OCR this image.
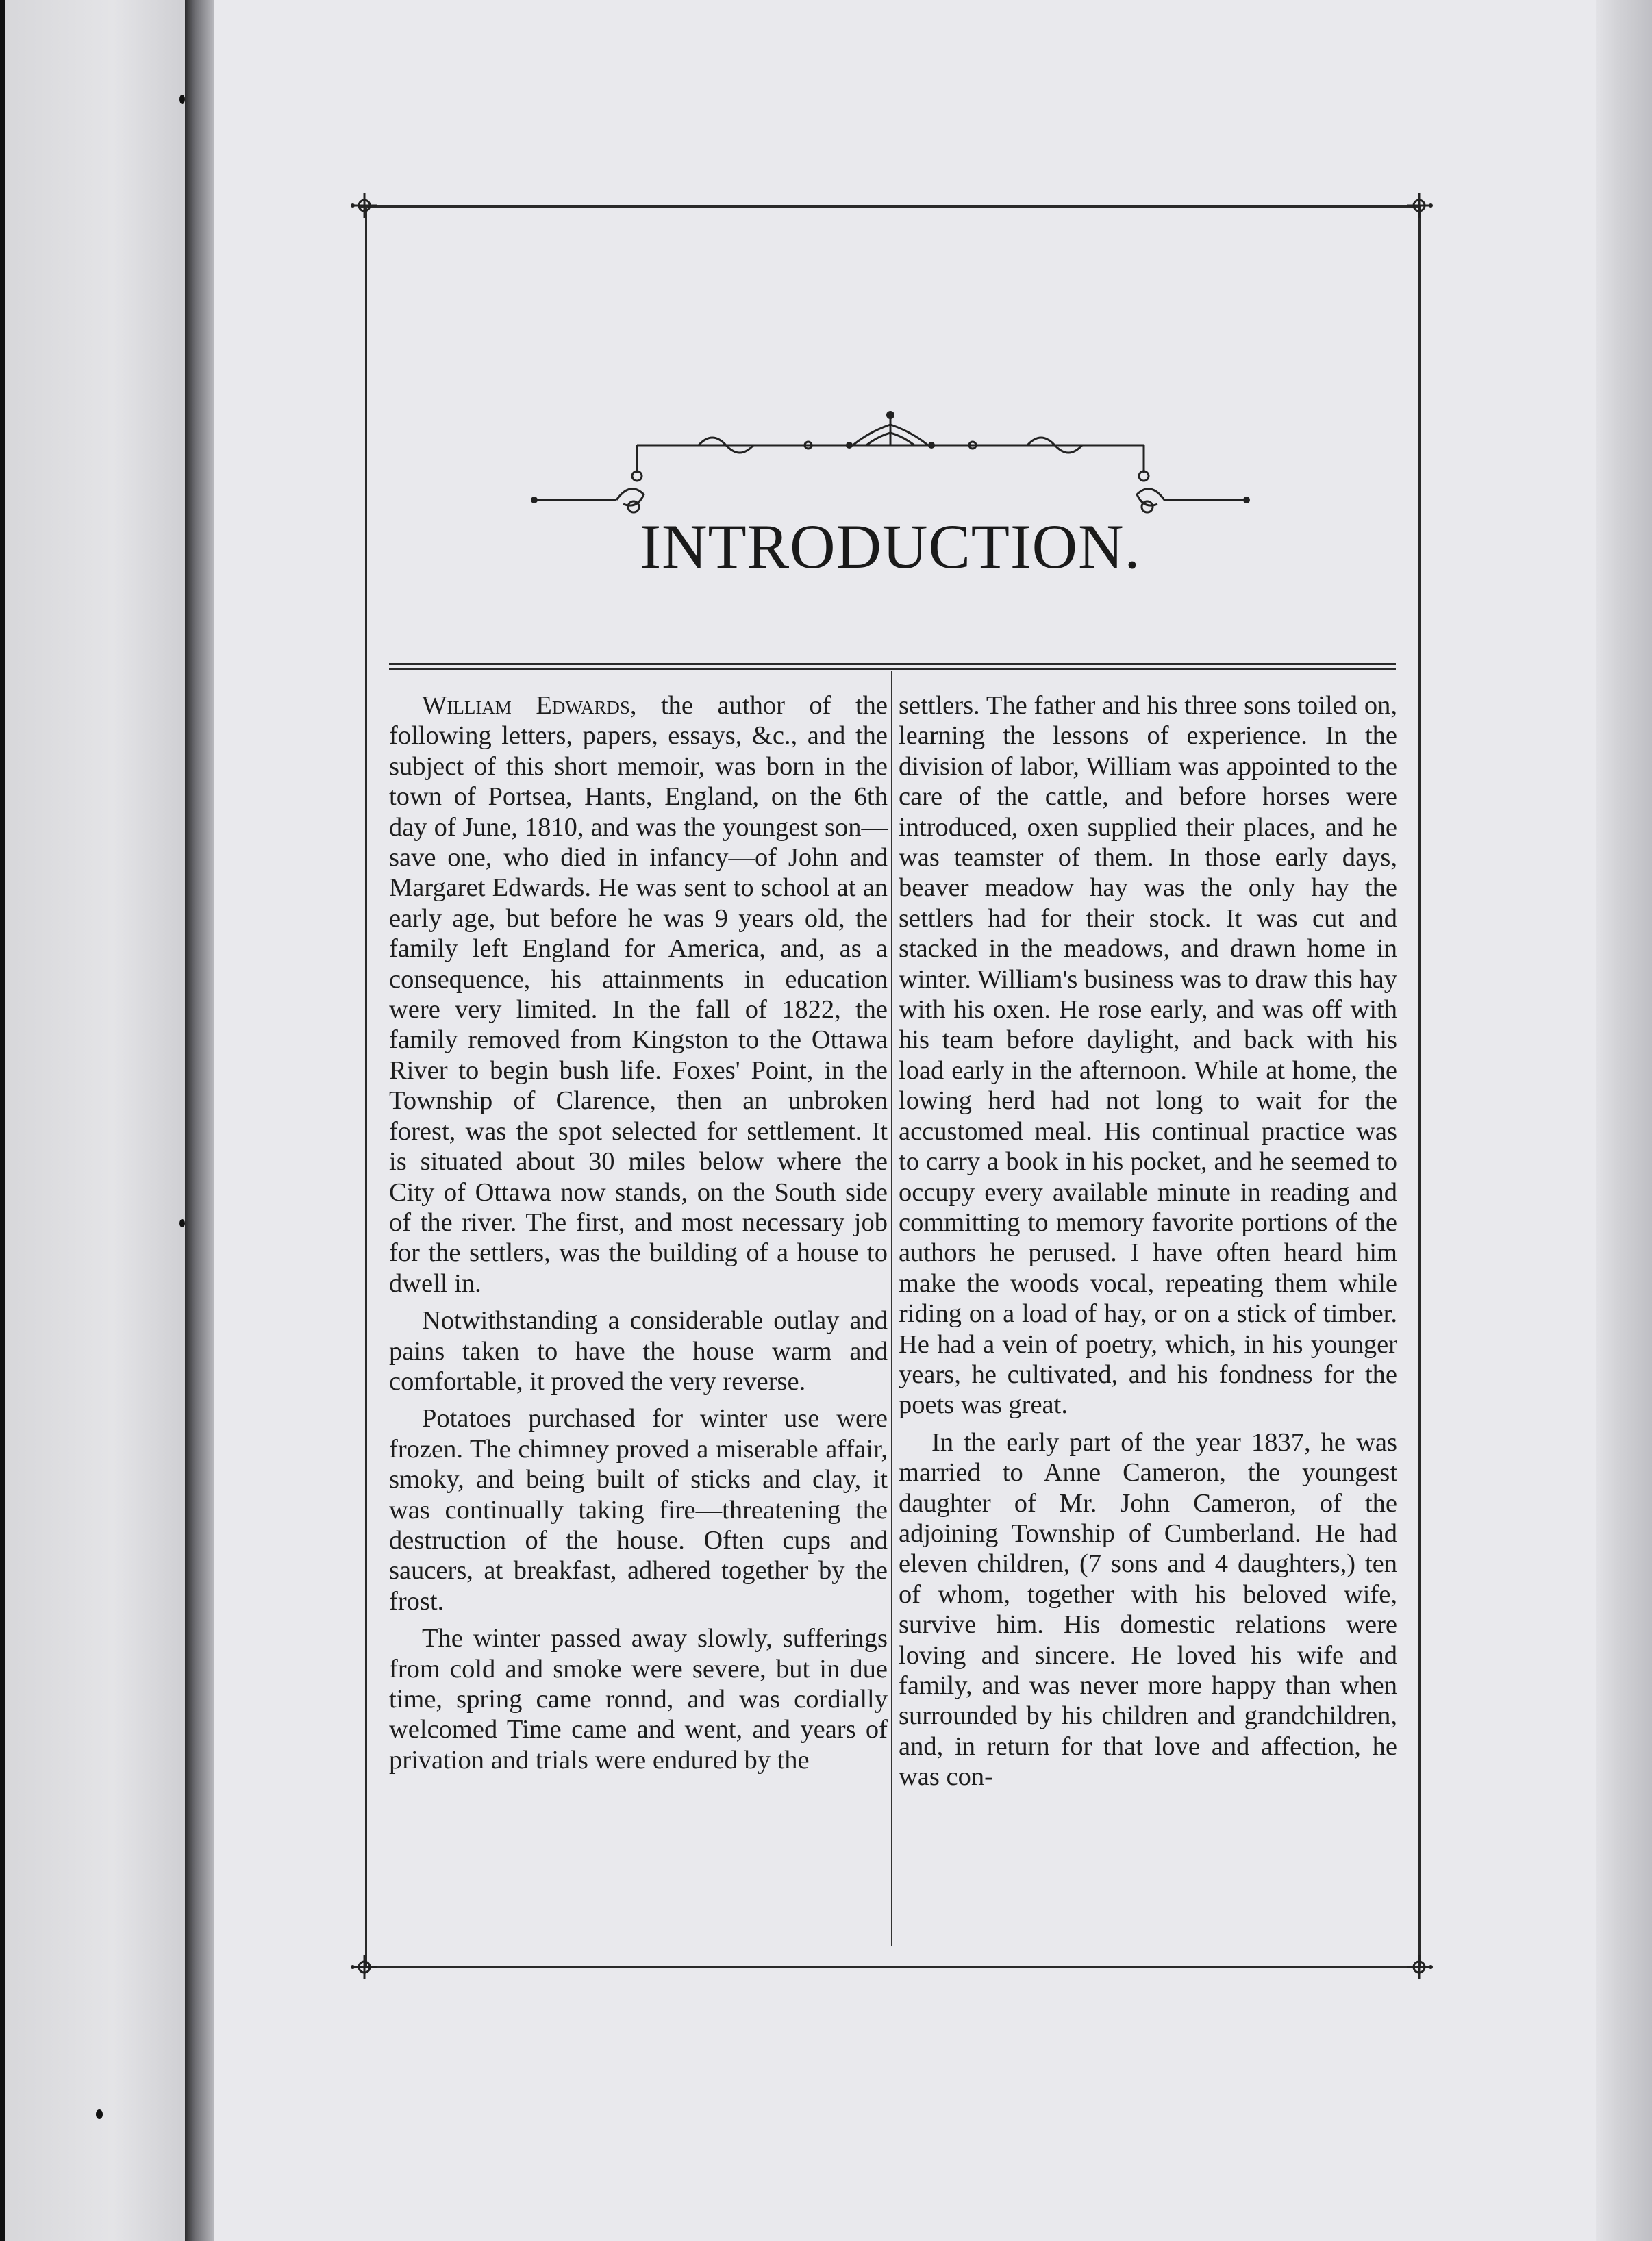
INTRODUCTION.

William Edwards, the author of the following letters, papers, essays, &c., and the subject of this short memoir, was born in the town of Portsea, Hants, England, on the 6th day of June, 1810, and was the youngest son—save one, who died in infancy—of John and Margaret Edwards. He was sent to school at an early age, but before he was 9 years old, the family left England for America, and, as a consequence, his attainments in education were very limited. In the fall of 1822, the family removed from Kingston to the Ottawa River to begin bush life. Foxes' Point, in the Township of Clarence, then an unbroken forest, was the spot selected for settlement. It is situated about 30 miles below where the City of Ottawa now stands, on the South side of the river. The first, and most necessary job for the settlers, was the building of a house to dwell in.

Notwithstanding a considerable outlay and pains taken to have the house warm and comfortable, it proved the very reverse.

Potatoes purchased for winter use were frozen. The chimney proved a miserable affair, smoky, and being built of sticks and clay, it was continually taking fire—threatening the destruction of the house. Often cups and saucers, at breakfast, adhered together by the frost.

The winter passed away slowly, sufferings from cold and smoke were severe, but in due time, spring came ronnd, and was cordially welcomed Time came and went, and years of privation and trials were endured by the

settlers. The father and his three sons toiled on, learning the lessons of experience. In the division of labor, William was appointed to the care of the cattle, and before horses were introduced, oxen supplied their places, and he was teamster of them. In those early days, beaver meadow hay was the only hay the settlers had for their stock. It was cut and stacked in the meadows, and drawn home in winter. William's business was to draw this hay with his oxen. He rose early, and was off with his team before daylight, and back with his load early in the afternoon. While at home, the lowing herd had not long to wait for the accustomed meal. His continual practice was to carry a book in his pocket, and he seemed to occupy every available minute in reading and committing to memory favorite portions of the authors he perused. I have often heard him make the woods vocal, repeating them while riding on a load of hay, or on a stick of timber. He had a vein of poetry, which, in his younger years, he cultivated, and his fondness for the poets was great.

In the early part of the year 1837, he was married to Anne Cameron, the youngest daughter of Mr. John Cameron, of the adjoining Township of Cumberland. He had eleven children, (7 sons and 4 daughters,) ten of whom, together with his beloved wife, survive him. His domestic relations were loving and sincere. He loved his wife and family, and was never more happy than when surrounded by his children and grandchildren, and, in return for that love and affection, he was con-
